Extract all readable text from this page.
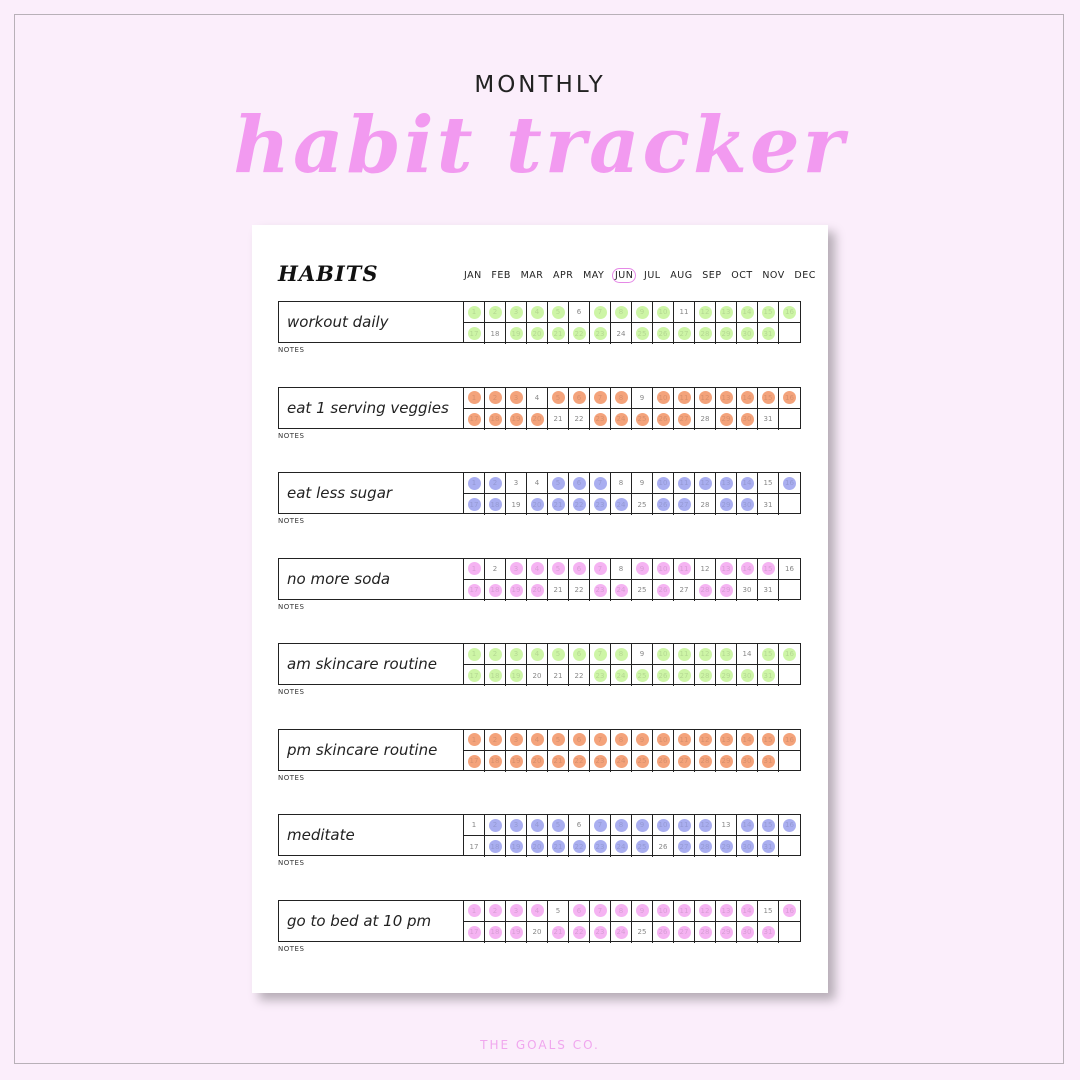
MONTHLY
habit tracker
HABITS	JAN FEB MAR APR MAY	JUN	JUL AUG SEP OCT NOV DEC
workout daily
1 2 3 4 5 6 7 8 9 10 11 12 13 14 15 16
17 18 19 20 21 22 23 24 25 26 27 28 29 30 31
NOTES
eat 1 serving veggies
1 2 3 4 5 6 7 8 9 10 11 12 13 14 15 16
17 18 19 20 21 22 23 24 25 26 27 28 29 30 31
NOTES
eat less sugar
1 2 3 4 5 6 7 8 9 10 11 12 13 14 15 16
17 18 19 20 21 22 23 24 25 26 27 28 29 30 31
NOTES
no more soda
1 2 3 4 5 6 7 8 9 10 11 12 13 14 15 16
17 18 19 20 21 22 23 24 25 26 27 28 29 30 31
NOTES
am skincare routine
1 2 3 4 5 6 7 8 9 10 11 12 13 14 15 16
17 18 19 20 21 22 23 24 25 26 27 28 29 30 31
NOTES
pm skincare routine
1 2 3 4 5 6 7 8 9 10 11 12 13 14 15 16
17 18 19 20 21 22 23 24 25 26 27 28 29 30 31
NOTES
meditate
1 2 3 4 5 6 7 8 9 10 11 12 13 14 15 16
17 18 19 20 21 22 23 24 25 26 27 28 29 30 31
NOTES
go to bed at 10 pm
1 2 3 4 5 6 7 8 9 10 11 12 13 14 15 16
17 18 19 20 21 22 23 24 25 26 27 28 29 30 31
NOTES
THE GOALS CO.
